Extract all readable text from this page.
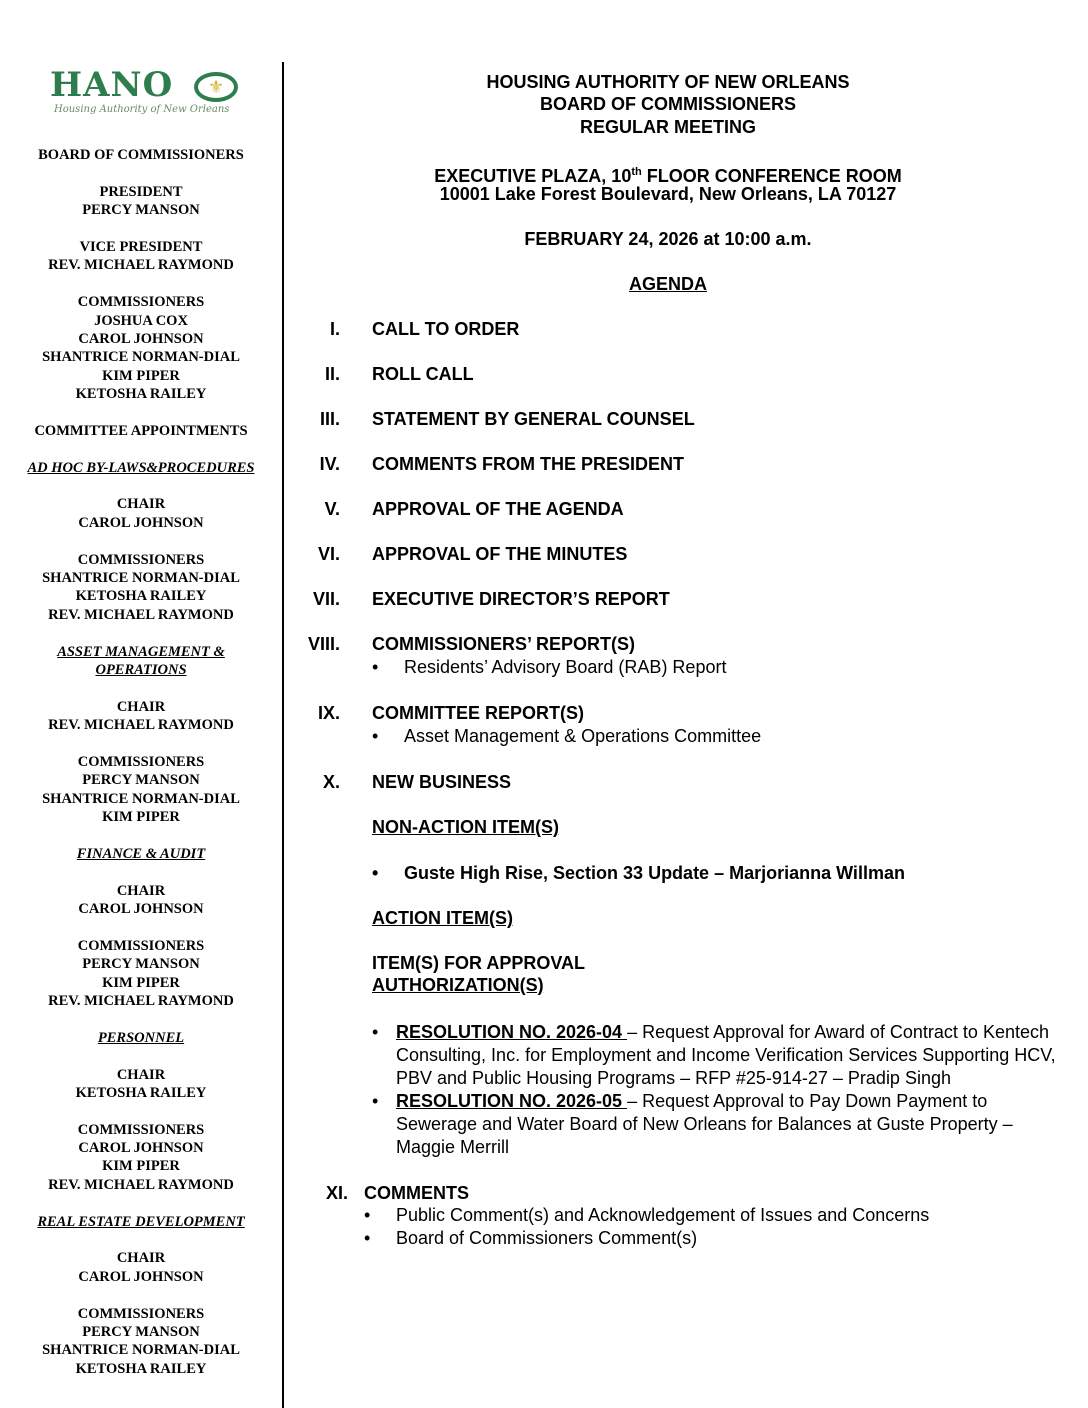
HANO ⚜
Housing Authority of New Orleans
BOARD OF COMMISSIONERS
PRESIDENT
PERCY MANSON
VICE PRESIDENT
REV. MICHAEL RAYMOND
COMMISSIONERS
JOSHUA COX
CAROL JOHNSON
SHANTRICE NORMAN-DIAL
KIM PIPER
KETOSHA RAILEY
COMMITTEE APPOINTMENTS
AD HOC BY-LAWS&PROCEDURES
CHAIR
CAROL JOHNSON
COMMISSIONERS
SHANTRICE NORMAN-DIAL
KETOSHA RAILEY
REV. MICHAEL RAYMOND
ASSET MANAGEMENT &
OPERATIONS
CHAIR
REV. MICHAEL RAYMOND
COMMISSIONERS
PERCY MANSON
SHANTRICE NORMAN-DIAL
KIM PIPER
FINANCE & AUDIT
CHAIR
CAROL JOHNSON
COMMISSIONERS
PERCY MANSON
KIM PIPER
REV. MICHAEL RAYMOND
PERSONNEL
CHAIR
KETOSHA RAILEY
COMMISSIONERS
CAROL JOHNSON
KIM PIPER
REV. MICHAEL RAYMOND
REAL ESTATE DEVELOPMENT
CHAIR
CAROL JOHNSON
COMMISSIONERS
PERCY MANSON
SHANTRICE NORMAN-DIAL
KETOSHA RAILEY
HOUSING AUTHORITY OF NEW ORLEANS
BOARD OF COMMISSIONERS
REGULAR MEETING
EXECUTIVE PLAZA, 10th FLOOR CONFERENCE ROOM
10001 Lake Forest Boulevard, New Orleans, LA 70127
FEBRUARY 24, 2026 at 10:00 a.m.
AGENDA
I. CALL TO ORDER
II. ROLL CALL
III. STATEMENT BY GENERAL COUNSEL
IV. COMMENTS FROM THE PRESIDENT
V. APPROVAL OF THE AGENDA
VI. APPROVAL OF THE MINUTES
VII. EXECUTIVE DIRECTOR’S REPORT
VIII. COMMISSIONERS’ REPORT(S)
• Residents’ Advisory Board (RAB) Report
IX. COMMITTEE REPORT(S)
• Asset Management & Operations Committee
X. NEW BUSINESS
NON-ACTION ITEM(S)
• Guste High Rise, Section 33 Update – Marjorianna Willman
ACTION ITEM(S)
ITEM(S) FOR APPROVAL
AUTHORIZATION(S)
• RESOLUTION NO. 2026-04 – Request Approval for Award of Contract to Kentech Consulting, Inc. for Employment and Income Verification Services Supporting HCV, PBV and Public Housing Programs – RFP #25-914-27 – Pradip Singh
• RESOLUTION NO. 2026-05 – Request Approval to Pay Down Payment to Sewerage and Water Board of New Orleans for Balances at Guste Property – Maggie Merrill
XI. COMMENTS
• Public Comment(s) and Acknowledgement of Issues and Concerns
• Board of Commissioners Comment(s)
